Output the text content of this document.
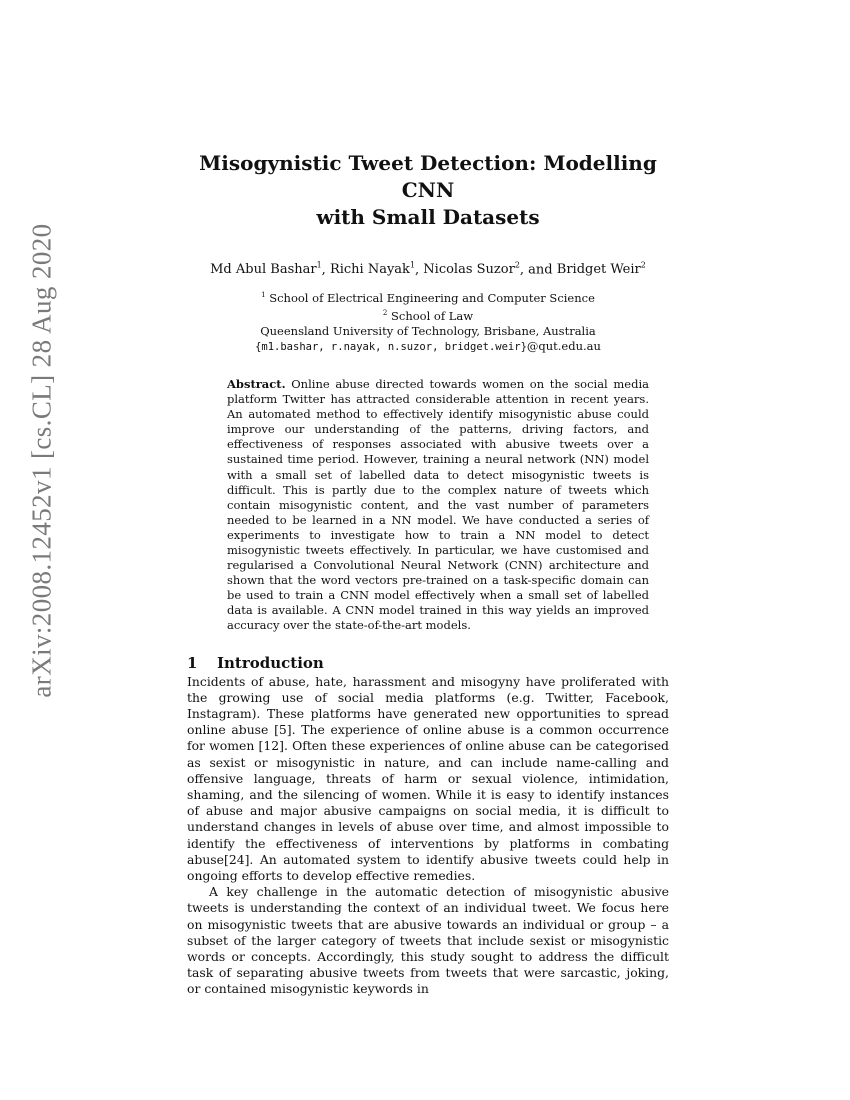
arXiv:2008.12452v1 [cs.CL] 28 Aug 2020
Misogynistic Tweet Detection: Modelling CNN
with Small Datasets
Md Abul Bashar$^1$, Richi Nayak$^1$, Nicolas Suzor$^2$, and Bridget Weir$^2$
$^1$ School of Electrical Engineering and Computer Science
$^2$ School of Law
Queensland University of Technology, Brisbane, Australia
{m1.bashar, r.nayak, n.suzor, bridget.weir}@qut.edu.au
Abstract. Online abuse directed towards women on the social media platform Twitter has attracted considerable attention in recent years. An automated method to effectively identify misogynistic abuse could improve our understanding of the patterns, driving factors, and effectiveness of responses associated with abusive tweets over a sustained time period. However, training a neural network (NN) model with a small set of labelled data to detect misogynistic tweets is difficult. This is partly due to the complex nature of tweets which contain misogynistic content, and the vast number of parameters needed to be learned in a NN model. We have conducted a series of experiments to investigate how to train a NN model to detect misogynistic tweets effectively. In particular, we have customised and regularised a Convolutional Neural Network (CNN) architecture and shown that the word vectors pre-trained on a task-specific domain can be used to train a CNN model effectively when a small set of labelled data is available. A CNN model trained in this way yields an improved accuracy over the state-of-the-art models.
1 Introduction

Incidents of abuse, hate, harassment and misogyny have proliferated with the growing use of social media platforms (e.g. Twitter, Facebook, Instagram). These platforms have generated new opportunities to spread online abuse [5]. The experience of online abuse is a common occurrence for women [12]. Often these experiences of online abuse can be categorised as sexist or misogynistic in nature, and can include name-calling and offensive language, threats of harm or sexual violence, intimidation, shaming, and the silencing of women. While it is easy to identify instances of abuse and major abusive campaigns on social media, it is difficult to understand changes in levels of abuse over time, and almost impossible to identify the effectiveness of interventions by platforms in combating abuse[24]. An automated system to identify abusive tweets could help in ongoing efforts to develop effective remedies.

A key challenge in the automatic detection of misogynistic abusive tweets is understanding the context of an individual tweet. We focus here on misogynistic tweets that are abusive towards an individual or group – a subset of the larger category of tweets that include sexist or misogynistic words or concepts. Accordingly, this study sought to address the difficult task of separating abusive tweets from tweets that were sarcastic, joking, or contained misogynistic keywords in
